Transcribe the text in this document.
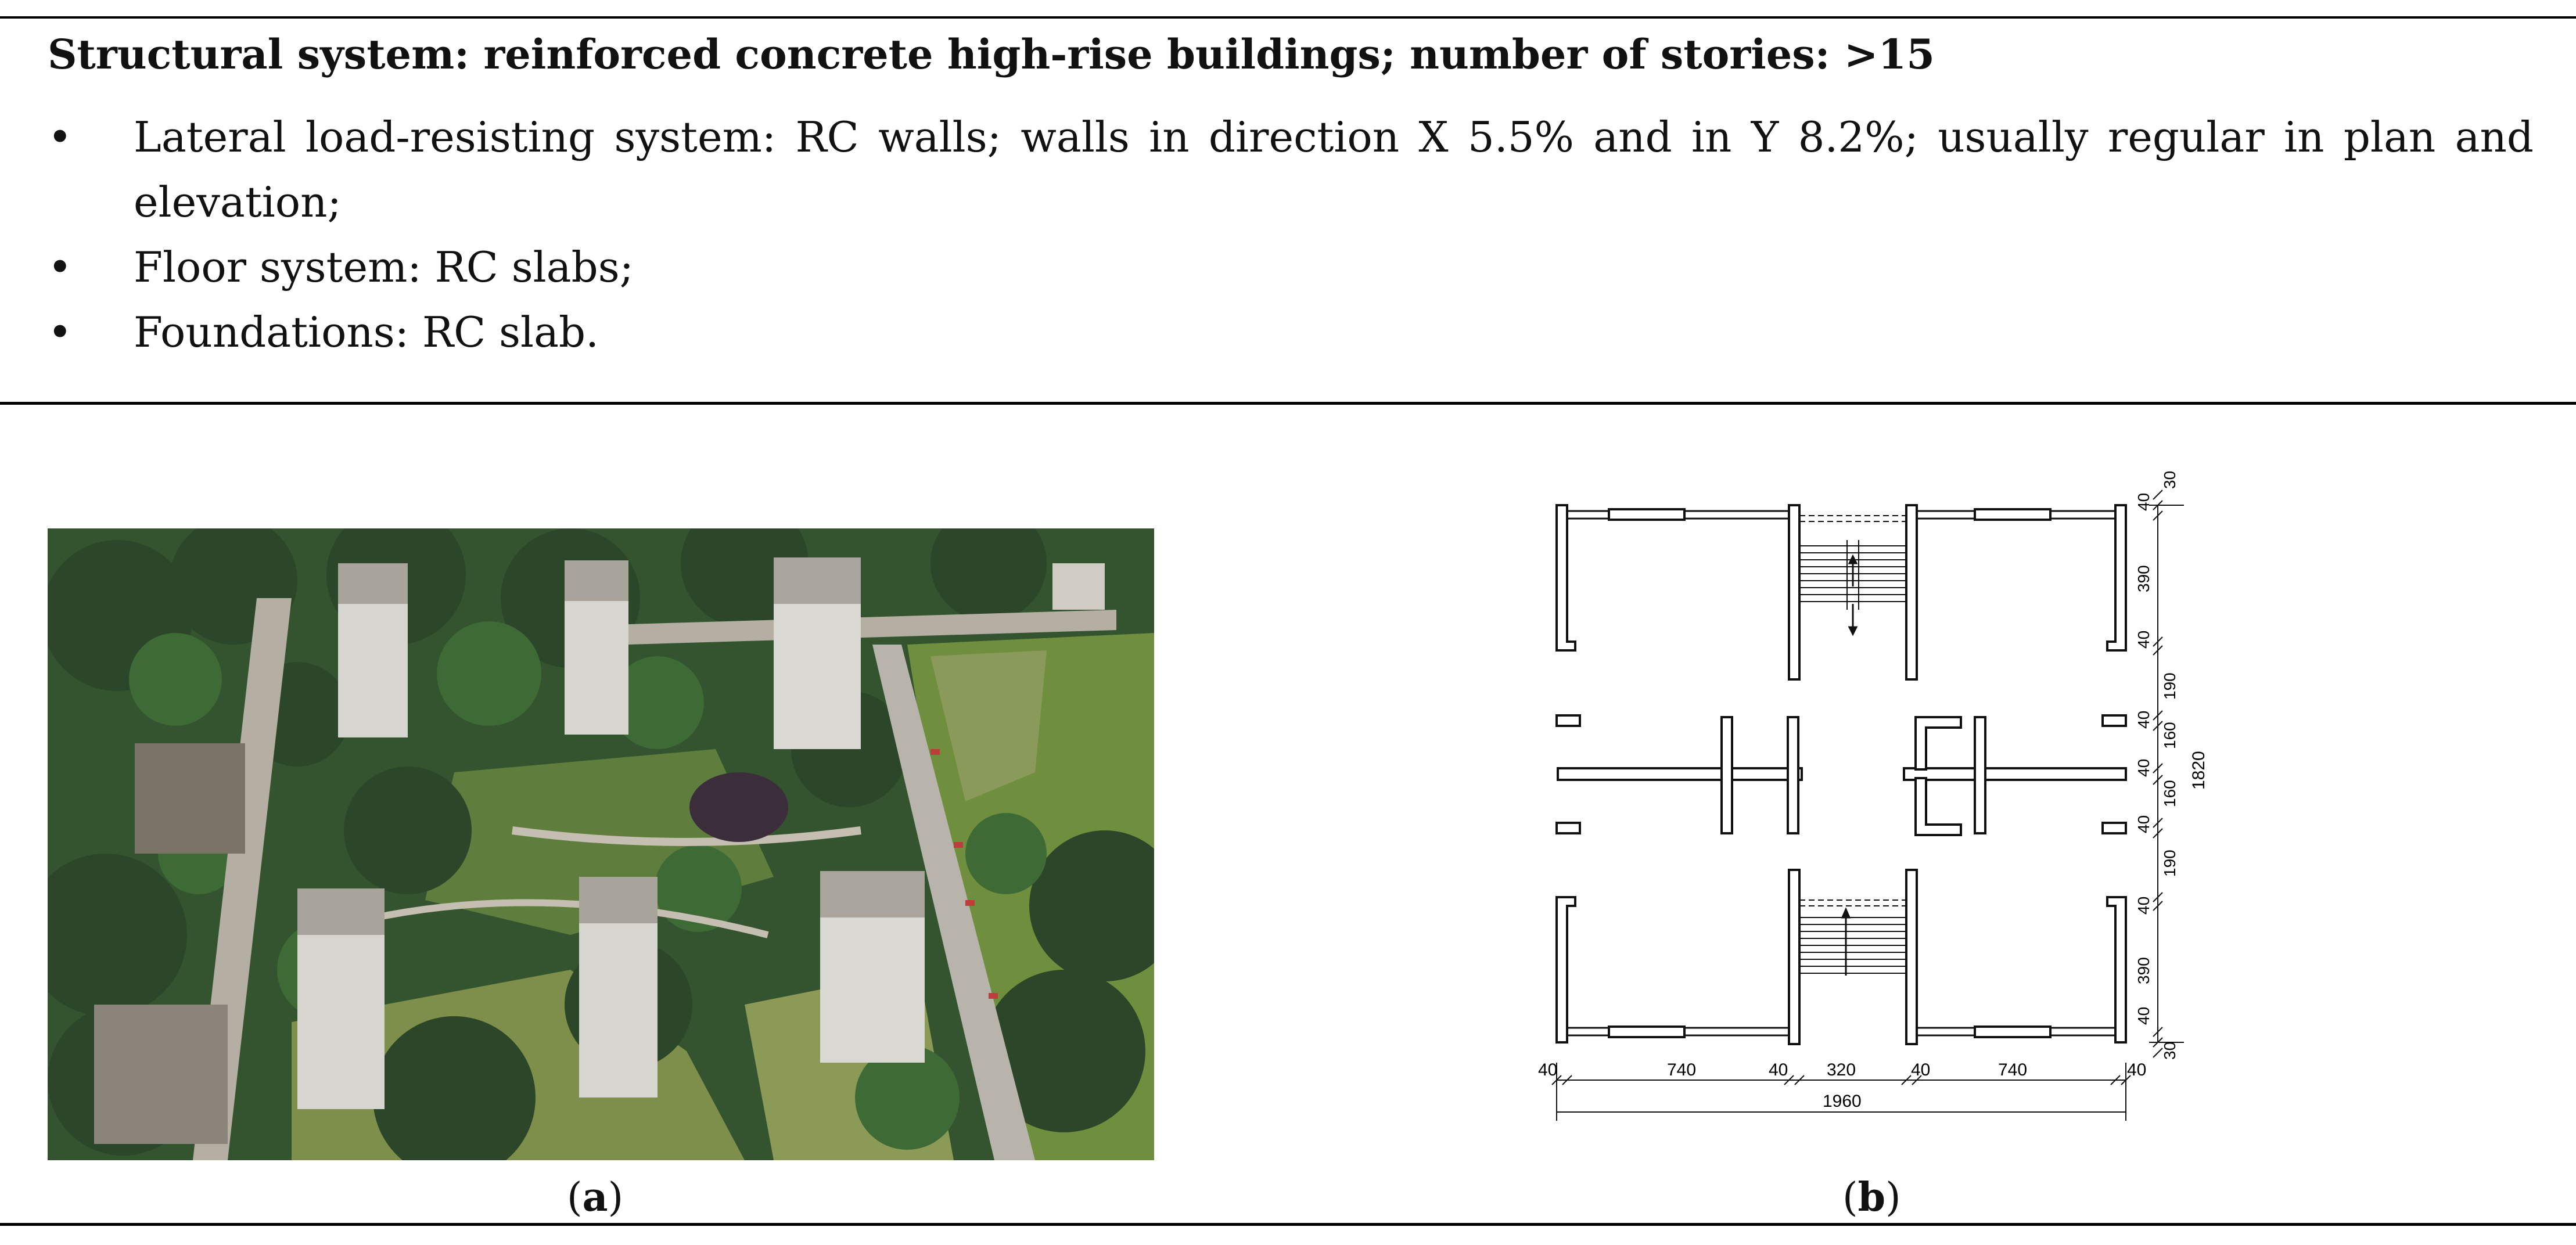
Structural system: reinforced concrete high-rise buildings; number of stories: >15
• Lateral load-resisting system: RC walls; walls in direction X 5.5% and in Y 8.2%; usually regular in plan and elevation;
• Floor system: RC slabs;
• Foundations: RC slab.
40	740	40 320	40	740	40
1960
30
40
390
40
190
40
160
40
160
40
190
40
390
40
30
1820
(a)	(b)
